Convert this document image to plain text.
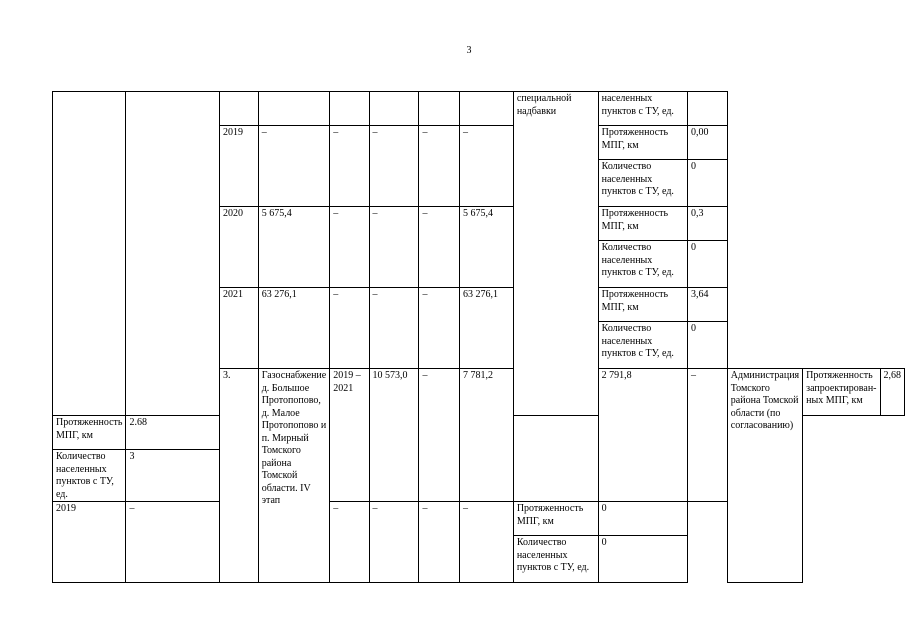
3
								специальной надбавки	населенных пунктов с ТУ, ед.				
		2019	–	–	–	–	–		Протяженность МПГ, км	0,00			
									Количество населенных пунктов с ТУ, ед.	0			
		2020	5 675,4	–	–	–	5 675,4		Протяженность МПГ, км	0,3			
									Количество населенных пунктов с ТУ, ед.	0			
		2021	63 276,1	–	–	–	63 276,1		Протяженность МПГ, км	3,64			
									Количество населенных пунктов с ТУ, ед.	0			
		3.	Газоснабжение д. Большое Протопопово, д. Малое Протопопово и п. Мирный Томского района Томской области. IV этап	2019 – 2021	10 573,0	–	7 781,2		2 791,8	–	Администрация Томского района Томской области (по согласованию)	Протяженность запроектирован-ных МПГ, км	2,68
Протяженность МПГ, км	2.68												
Количество населенных пунктов с ТУ, ед.	3												
2019	–			–	–	–	–	Протяженность МПГ, км	0				
								Количество населенных пунктов с ТУ, ед.	0				
